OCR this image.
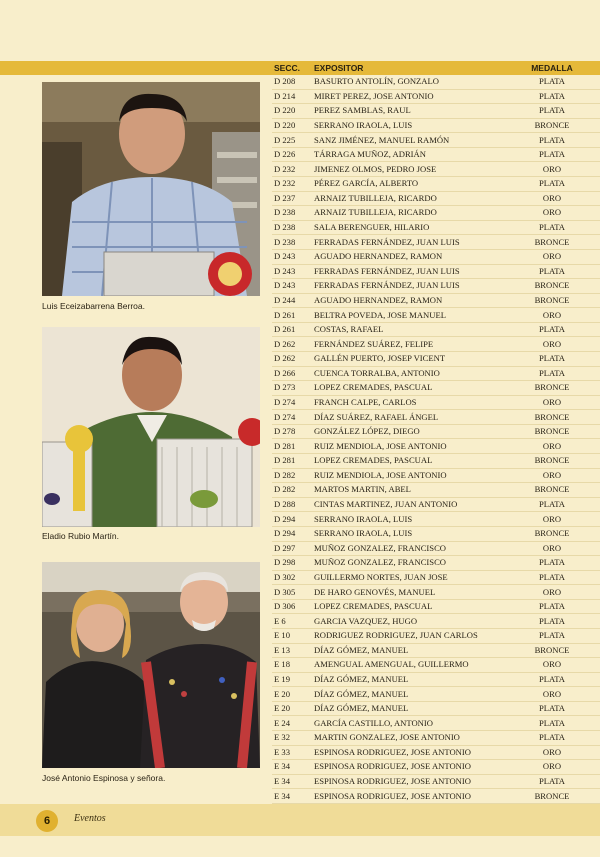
Luis Eceizabarrena Berroa.
Eladio Rubio Martín.
José Antonio Espinosa y señora.
SECC.	EXPOSITOR	MEDALLA
D 208	BASURTO ANTOLÍN, GONZALO	PLATA
D 214	MIRET PEREZ, JOSE ANTONIO	PLATA
D 220	PEREZ SAMBLAS, RAUL	PLATA
D 220	SERRANO IRAOLA, LUIS	BRONCE
D 225	SANZ JIMÉNEZ, MANUEL RAMÓN	PLATA
D 226	TÁRRAGA MUÑOZ, ADRIÁN	PLATA
D 232	JIMENEZ OLMOS, PEDRO JOSE	ORO
D 232	PÉREZ GARCÍA, ALBERTO	PLATA
D 237	ARNAIZ TUBILLEJA, RICARDO	ORO
D 238	ARNAIZ TUBILLEJA, RICARDO	ORO
D 238	SALA BERENGUER, HILARIO	PLATA
D 238	FERRADAS FERNÁNDEZ, JUAN LUIS	BRONCE
D 243	AGUADO HERNANDEZ, RAMON	ORO
D 243	FERRADAS FERNÁNDEZ, JUAN LUIS	PLATA
D 243	FERRADAS FERNÁNDEZ, JUAN LUIS	BRONCE
D 244	AGUADO HERNANDEZ, RAMON	BRONCE
D 261	BELTRA POVEDA, JOSE MANUEL	ORO
D 261	COSTAS, RAFAEL	PLATA
D 262	FERNÁNDEZ SUÁREZ, FELIPE	ORO
D 262	GALLÉN PUERTO, JOSEP VICENT	PLATA
D 266	CUENCA TORRALBA, ANTONIO	PLATA
D 273	LOPEZ CREMADES, PASCUAL	BRONCE
D 274	FRANCH CALPE, CARLOS	ORO
D 274	DÍAZ SUÁREZ, RAFAEL ÁNGEL	BRONCE
D 278	GONZÁLEZ LÓPEZ, DIEGO	BRONCE
D 281	RUIZ MENDIOLA, JOSE ANTONIO	ORO
D 281	LOPEZ CREMADES, PASCUAL	BRONCE
D 282	RUIZ MENDIOLA, JOSE ANTONIO	ORO
D 282	MARTOS MARTIN, ABEL	BRONCE
D 288	CINTAS MARTINEZ, JUAN ANTONIO	PLATA
D 294	SERRANO IRAOLA, LUIS	ORO
D 294	SERRANO IRAOLA, LUIS	BRONCE
D 297	MUÑOZ GONZALEZ, FRANCISCO	ORO
D 298	MUÑOZ GONZALEZ, FRANCISCO	PLATA
D 302	GUILLERMO NORTES, JUAN JOSE	PLATA
D 305	DE HARO GENOVÉS, MANUEL	ORO
D 306	LOPEZ CREMADES, PASCUAL	PLATA
E 6	GARCIA VAZQUEZ, HUGO	PLATA
E 10	RODRIGUEZ RODRIGUEZ, JUAN CARLOS	PLATA
E 13	DÍAZ GÓMEZ, MANUEL	BRONCE
E 18	AMENGUAL AMENGUAL, GUILLERMO	ORO
E 19	DÍAZ GÓMEZ, MANUEL	PLATA
E 20	DÍAZ GÓMEZ, MANUEL	ORO
E 20	DÍAZ GÓMEZ, MANUEL	PLATA
E 24	GARCÍA CASTILLO, ANTONIO	PLATA
E 32	MARTIN GONZALEZ, JOSE ANTONIO	PLATA
E 33	ESPINOSA RODRIGUEZ, JOSE ANTONIO	ORO
E 34	ESPINOSA RODRIGUEZ, JOSE ANTONIO	ORO
E 34	ESPINOSA RODRIGUEZ, JOSE ANTONIO	PLATA
E 34	ESPINOSA RODRIGUEZ, JOSE ANTONIO	BRONCE

6	Eventos
